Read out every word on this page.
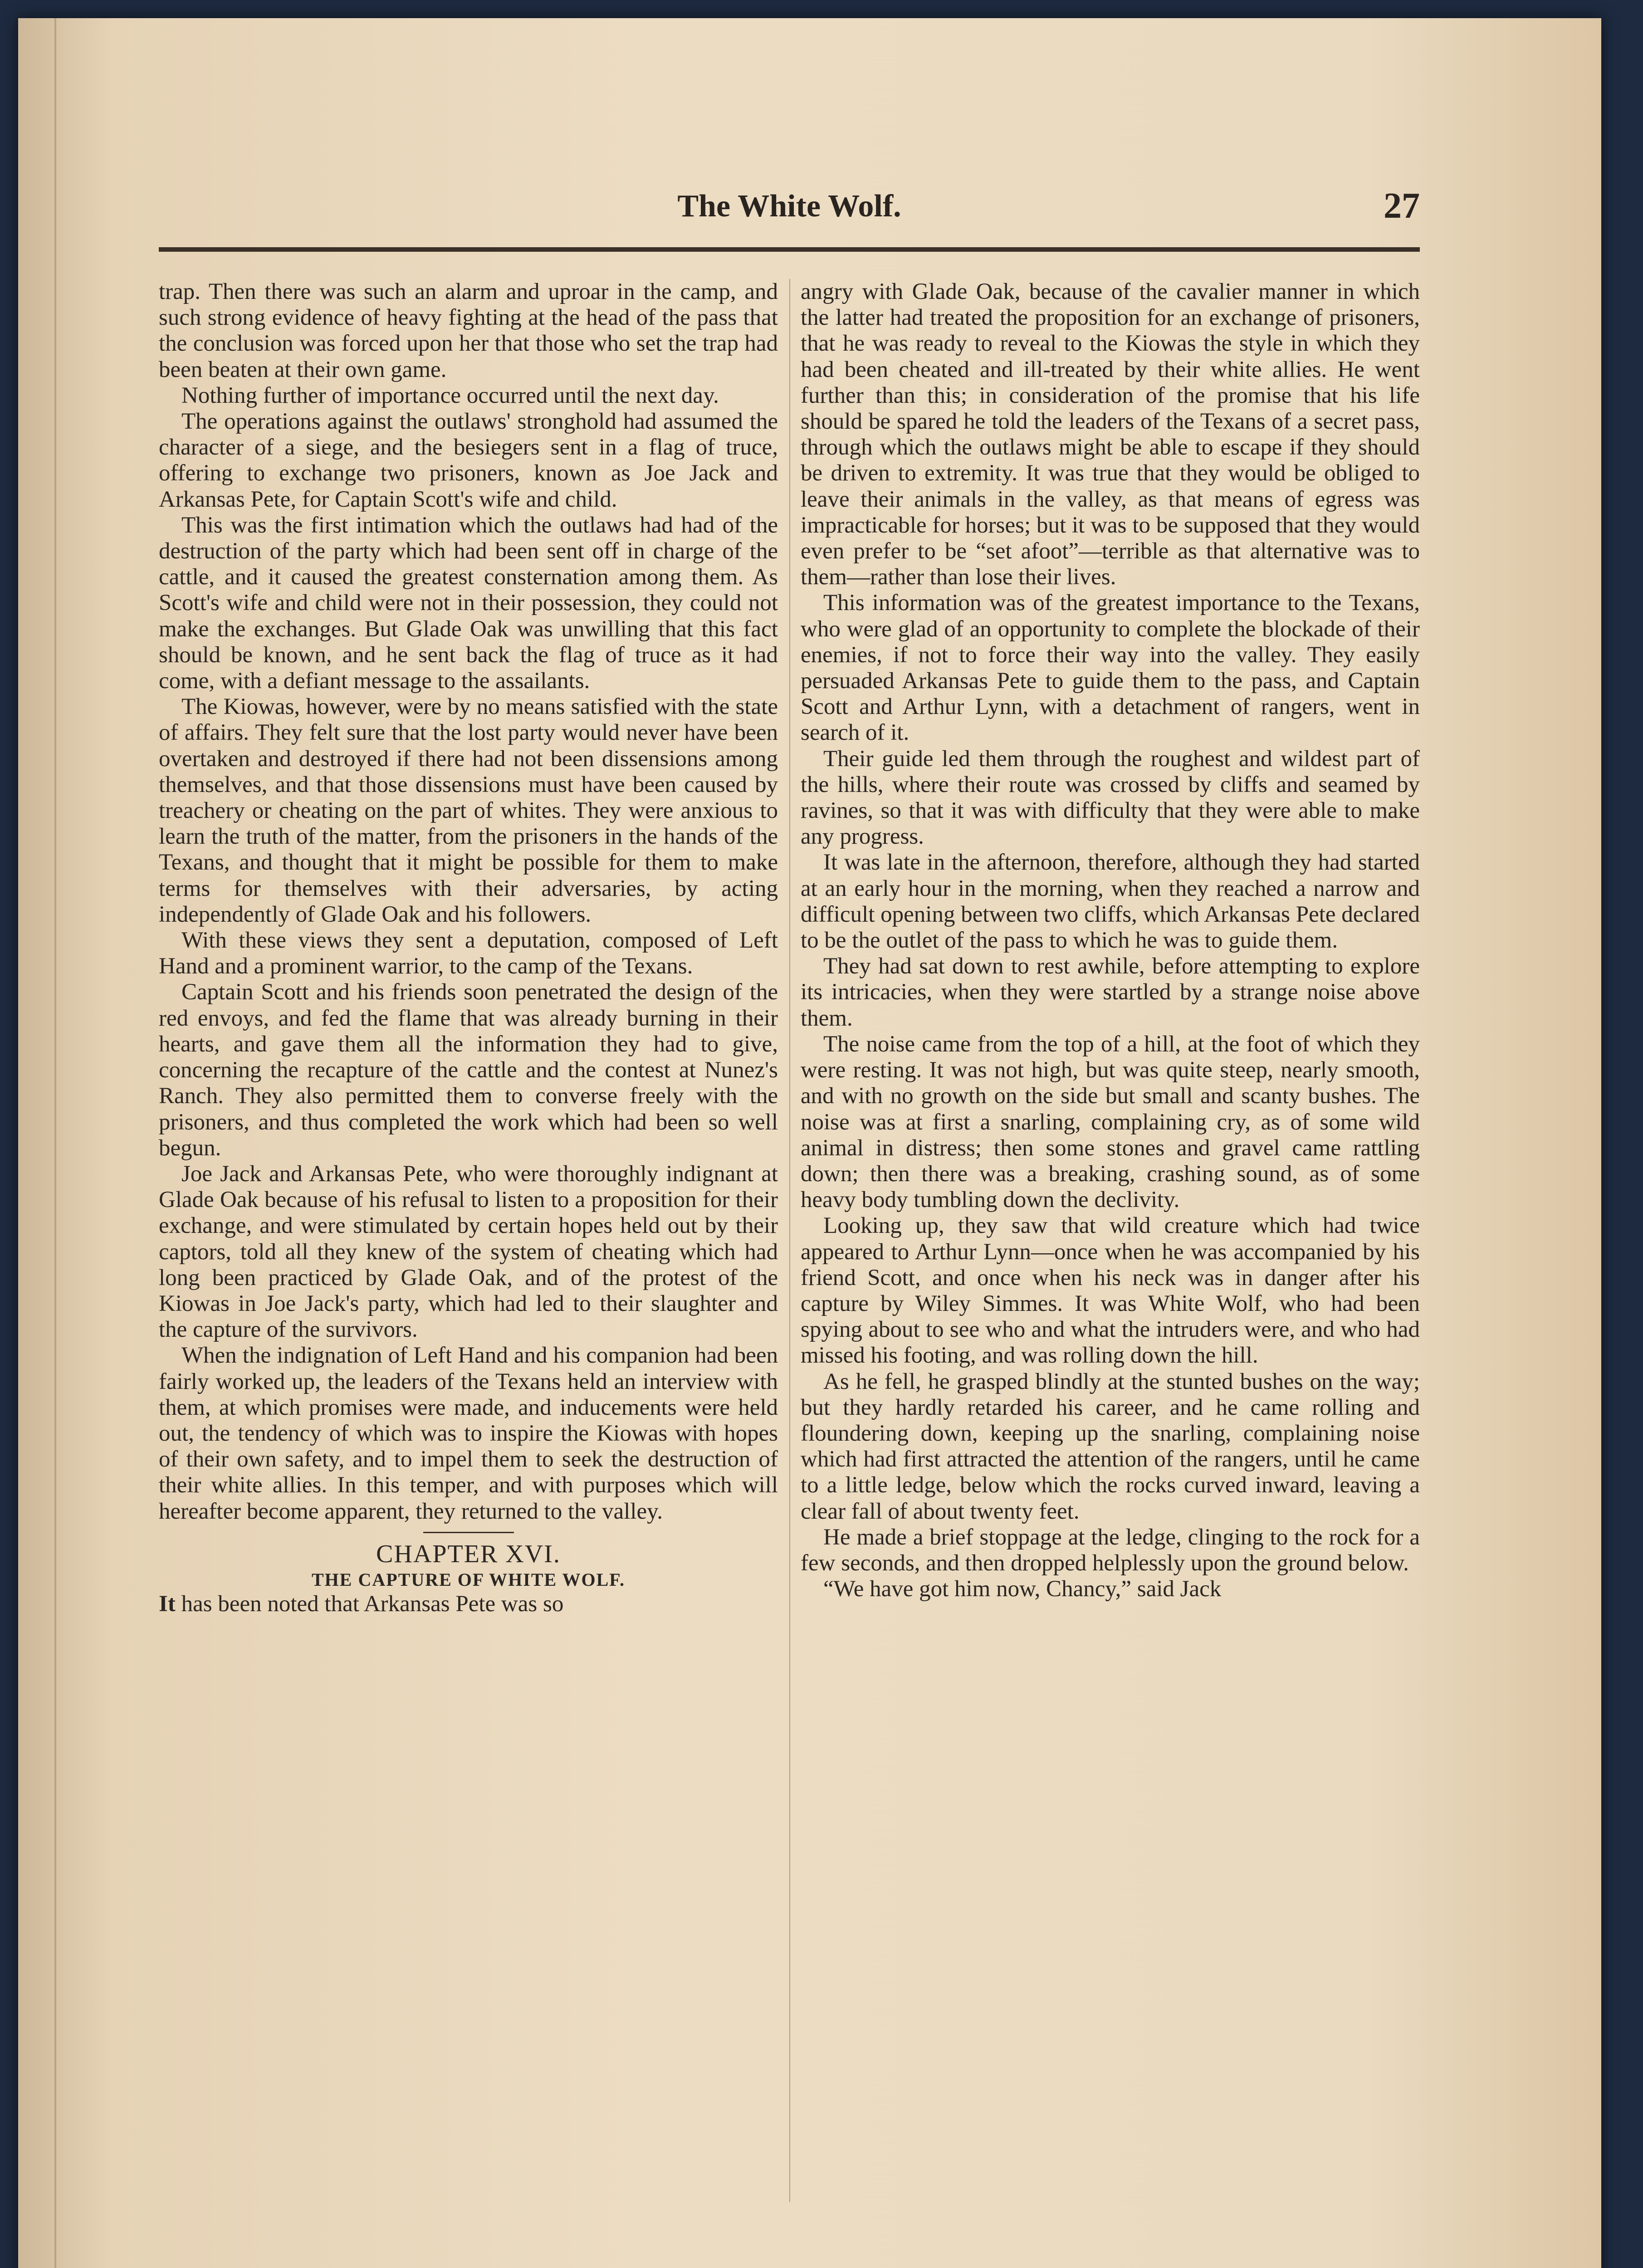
The White Wolf.	27

trap. Then there was such an alarm and uproar in the camp, and such strong evidence of heavy fighting at the head of the pass that the conclusion was forced upon her that those who set the trap had been beaten at their own game.

Nothing further of importance occurred until the next day.

The operations against the outlaws' stronghold had assumed the character of a siege, and the besiegers sent in a flag of truce, offering to exchange two prisoners, known as Joe Jack and Arkansas Pete, for Captain Scott's wife and child.

This was the first intimation which the outlaws had had of the destruction of the party which had been sent off in charge of the cattle, and it caused the greatest consternation among them. As Scott's wife and child were not in their possession, they could not make the exchanges. But Glade Oak was unwilling that this fact should be known, and he sent back the flag of truce as it had come, with a defiant message to the assailants.

The Kiowas, however, were by no means satisfied with the state of affairs. They felt sure that the lost party would never have been overtaken and destroyed if there had not been dissensions among themselves, and that those dissensions must have been caused by treachery or cheating on the part of whites. They were anxious to learn the truth of the matter, from the prisoners in the hands of the Texans, and thought that it might be possible for them to make terms for themselves with their adversaries, by acting independently of Glade Oak and his followers.

With these views they sent a deputation, composed of Left Hand and a prominent warrior, to the camp of the Texans.

Captain Scott and his friends soon penetrated the design of the red envoys, and fed the flame that was already burning in their hearts, and gave them all the information they had to give, concerning the recapture of the cattle and the contest at Nunez's Ranch. They also permitted them to converse freely with the prisoners, and thus completed the work which had been so well begun.

Joe Jack and Arkansas Pete, who were thoroughly indignant at Glade Oak because of his refusal to listen to a proposition for their exchange, and were stimulated by certain hopes held out by their captors, told all they knew of the system of cheating which had long been practiced by Glade Oak, and of the protest of the Kiowas in Joe Jack's party, which had led to their slaughter and the capture of the survivors.

When the indignation of Left Hand and his companion had been fairly worked up, the leaders of the Texans held an interview with them, at which promises were made, and inducements were held out, the tendency of which was to inspire the Kiowas with hopes of their own safety, and to impel them to seek the destruction of their white allies. In this temper, and with purposes which will hereafter become apparent, they returned to the valley.

CHAPTER XVI.
THE CAPTURE OF WHITE WOLF.

It has been noted that Arkansas Pete was so

angry with Glade Oak, because of the cavalier manner in which the latter had treated the proposition for an exchange of prisoners, that he was ready to reveal to the Kiowas the style in which they had been cheated and ill-treated by their white allies. He went further than this; in consideration of the promise that his life should be spared he told the leaders of the Texans of a secret pass, through which the outlaws might be able to escape if they should be driven to extremity. It was true that they would be obliged to leave their animals in the valley, as that means of egress was impracticable for horses; but it was to be supposed that they would even prefer to be “set afoot”—terrible as that alternative was to them—rather than lose their lives.

This information was of the greatest importance to the Texans, who were glad of an opportunity to complete the blockade of their enemies, if not to force their way into the valley. They easily persuaded Arkansas Pete to guide them to the pass, and Captain Scott and Arthur Lynn, with a detachment of rangers, went in search of it.

Their guide led them through the roughest and wildest part of the hills, where their route was crossed by cliffs and seamed by ravines, so that it was with difficulty that they were able to make any progress.

It was late in the afternoon, therefore, although they had started at an early hour in the morning, when they reached a narrow and difficult opening between two cliffs, which Arkansas Pete declared to be the outlet of the pass to which he was to guide them.

They had sat down to rest awhile, before attempting to explore its intricacies, when they were startled by a strange noise above them.

The noise came from the top of a hill, at the foot of which they were resting. It was not high, but was quite steep, nearly smooth, and with no growth on the side but small and scanty bushes. The noise was at first a snarling, complaining cry, as of some wild animal in distress; then some stones and gravel came rattling down; then there was a breaking, crashing sound, as of some heavy body tumbling down the declivity.

Looking up, they saw that wild creature which had twice appeared to Arthur Lynn—once when he was accompanied by his friend Scott, and once when his neck was in danger after his capture by Wiley Simmes. It was White Wolf, who had been spying about to see who and what the intruders were, and who had missed his footing, and was rolling down the hill.

As he fell, he grasped blindly at the stunted bushes on the way; but they hardly retarded his career, and he came rolling and floundering down, keeping up the snarling, complaining noise which had first attracted the attention of the rangers, until he came to a little ledge, below which the rocks curved inward, leaving a clear fall of about twenty feet.

He made a brief stoppage at the ledge, clinging to the rock for a few seconds, and then dropped helplessly upon the ground below.

“We have got him now, Chancy,” said Jack
